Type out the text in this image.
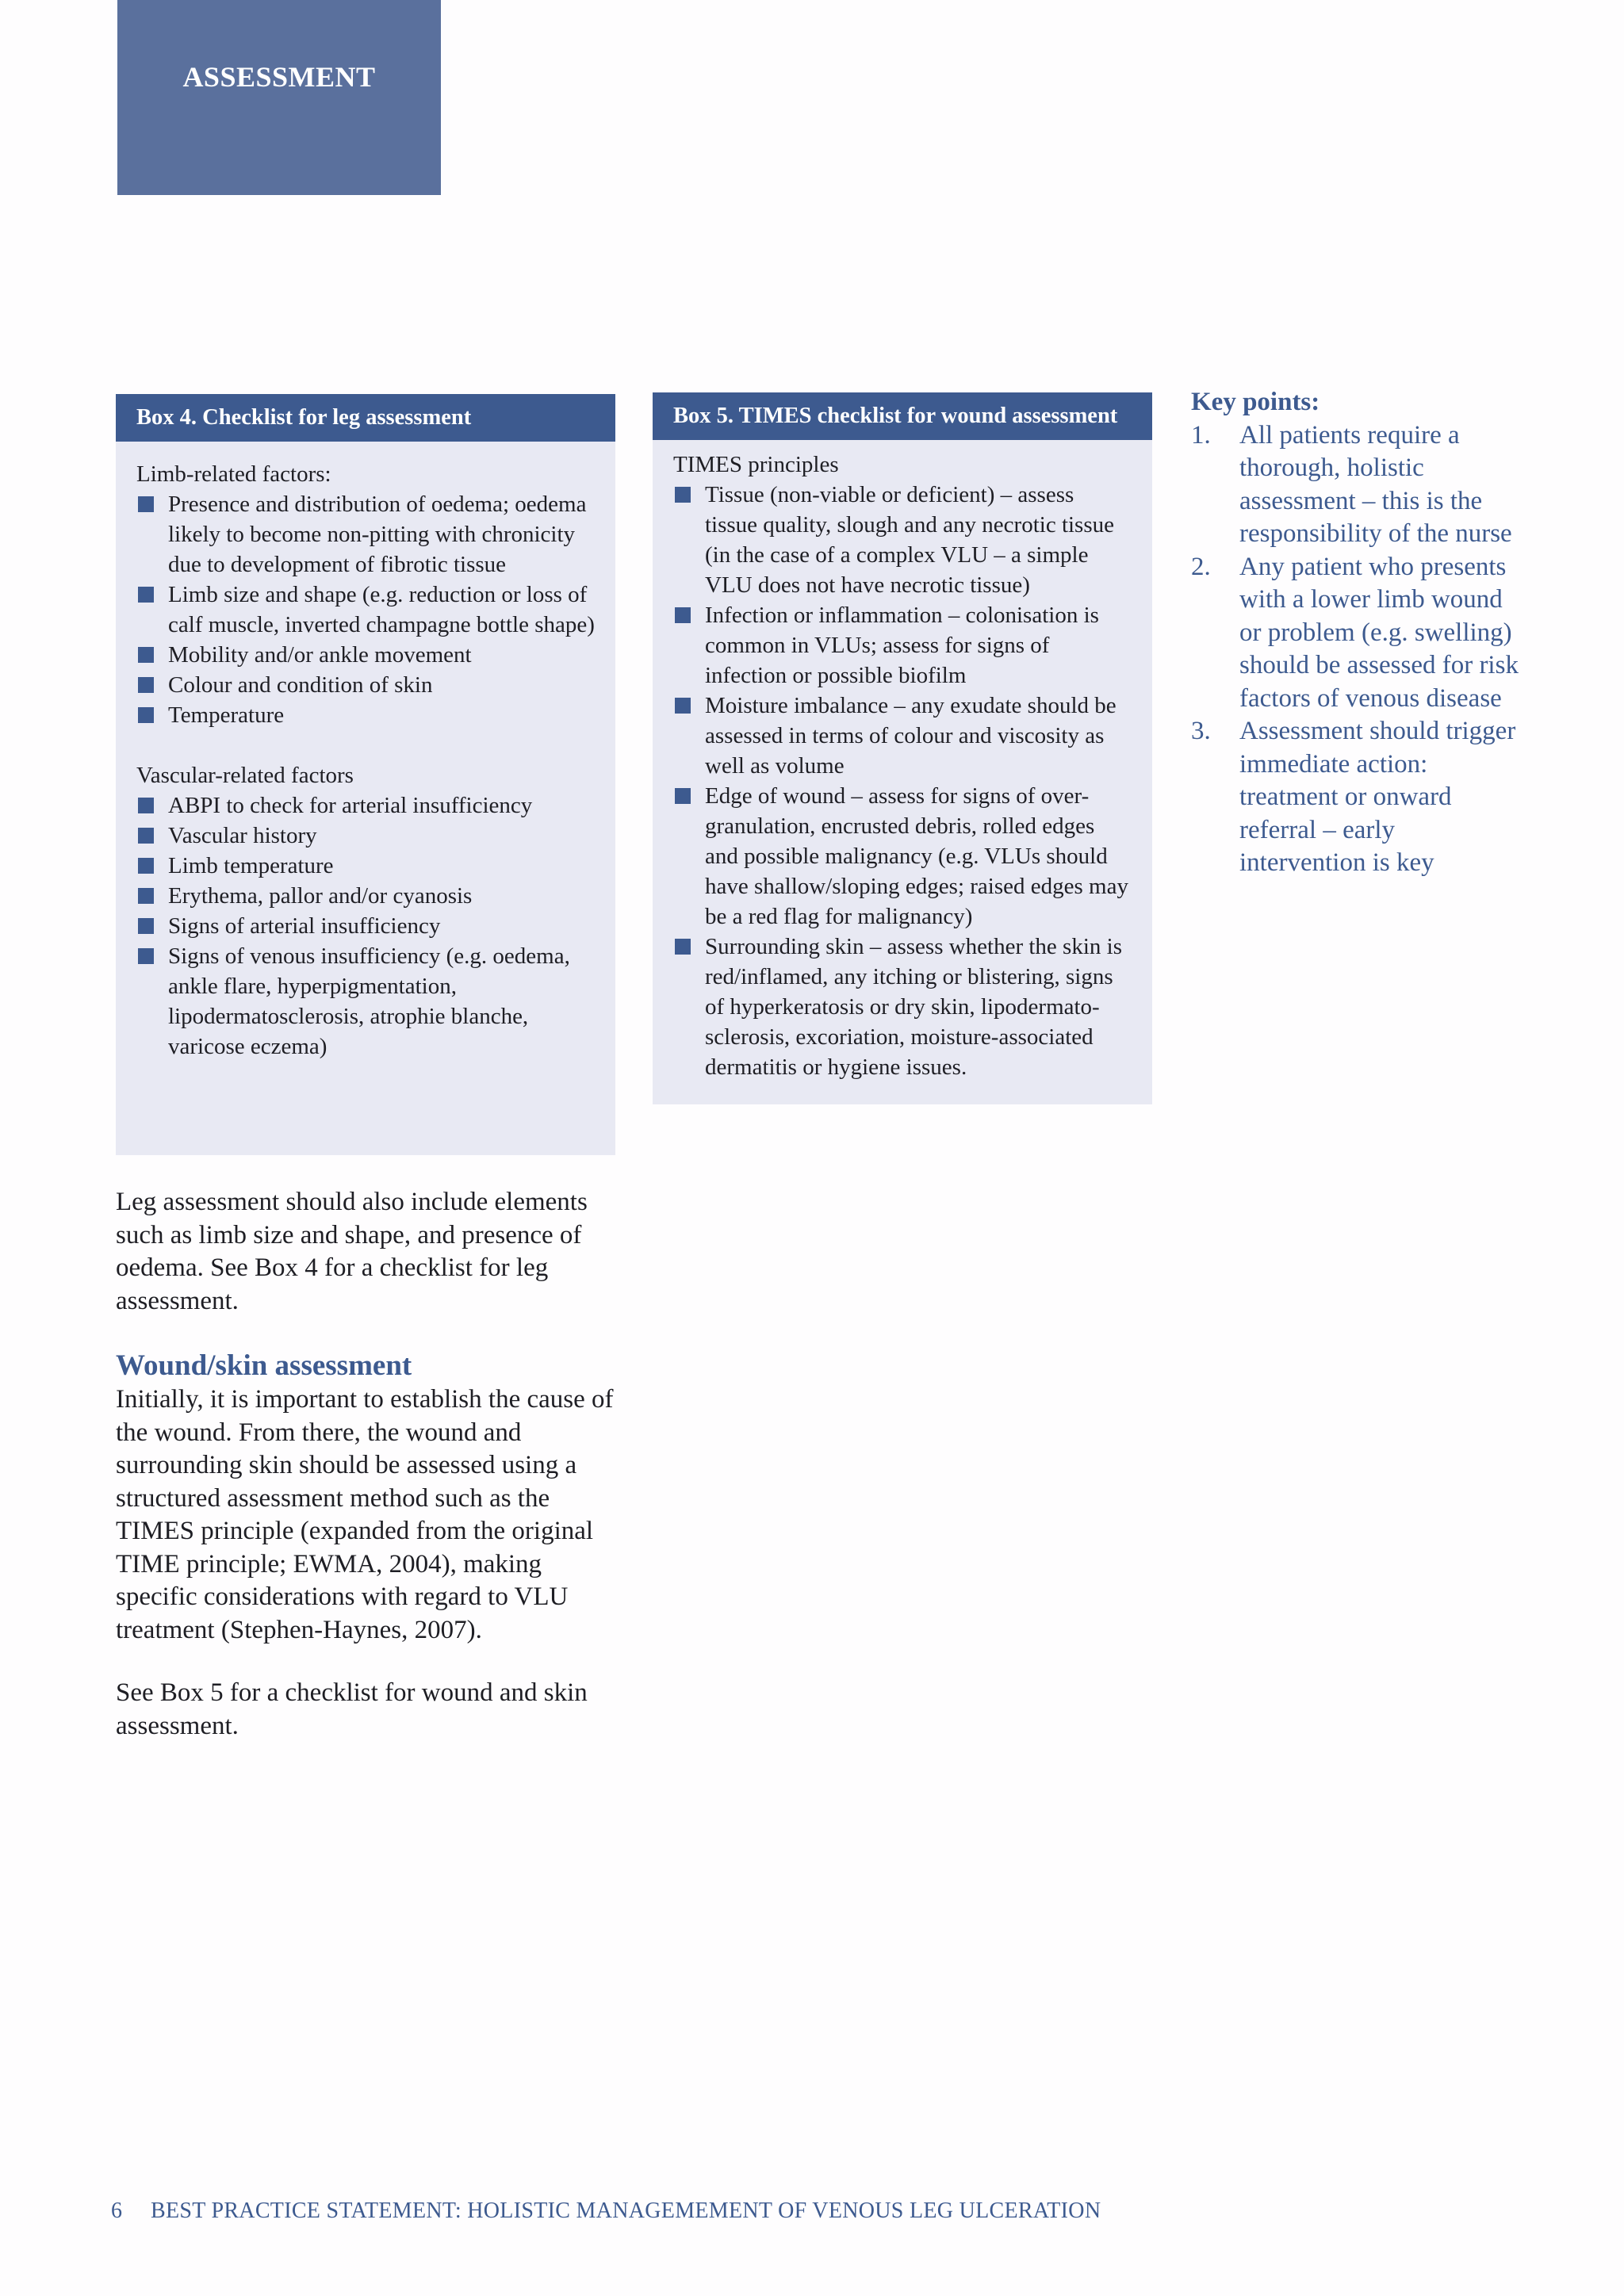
ASSESSMENT
Box 4. Checklist for leg assessment

Limb-related factors:

Presence and distribution of oedema; oedema likely to become non-pitting with chronicity due to development of fibrotic tissue
Limb size and shape (e.g. reduction or loss of calf muscle, inverted champagne bottle shape)
Mobility and/or ankle movement
Colour and condition of skin
Temperature

Vascular-related factors

ABPI to check for arterial insufficiency
Vascular history
Limb temperature
Erythema, pallor and/or cyanosis
Signs of arterial insufficiency
Signs of venous insufficiency (e.g. oedema, ankle flare, hyperpigmentation, lipodermatosclerosis, atrophie blanche, varicose eczema)
Box 5. TIMES checklist for wound assessment

TIMES principles

Tissue (non-viable or deficient) – assess tissue quality, slough and any necrotic tissue (in the case of a complex VLU – a simple VLU does not have necrotic tissue)
Infection or inflammation – colonisation is common in VLUs; assess for signs of infection or possible biofilm
Moisture imbalance – any exudate should be assessed in terms of colour and viscosity as well as volume
Edge of wound – assess for signs of over-granulation, encrusted debris, rolled edges and possible malignancy (e.g. VLUs should have shallow/sloping edges; raised edges may be a red flag for malignancy)
Surrounding skin – assess whether the skin is red/inflamed, any itching or blistering, signs of hyperkeratosis or dry skin, lipodermato-sclerosis, excoriation, moisture-associated dermatitis or hygiene issues.
Key points:
1. All patients require a thorough, holistic assessment – this is the responsibility of the nurse
2. Any patient who presents with a lower limb wound or problem (e.g. swelling) should be assessed for risk factors of venous disease
3. Assessment should trigger immediate action: treatment or onward referral – early intervention is key
Leg assessment should also include elements such as limb size and shape, and presence of oedema. See Box 4 for a checklist for leg assessment.
Wound/skin assessment
Initially, it is important to establish the cause of the wound. From there, the wound and surrounding skin should be assessed using a structured assessment method such as the TIMES principle (expanded from the original TIME principle; EWMA, 2004), making specific considerations with regard to VLU treatment (Stephen-Haynes, 2007).
See Box 5 for a checklist for wound and skin assessment.
6 BEST PRACTICE STATEMENT: HOLISTIC MANAGEMEMENT OF VENOUS LEG ULCERATION
